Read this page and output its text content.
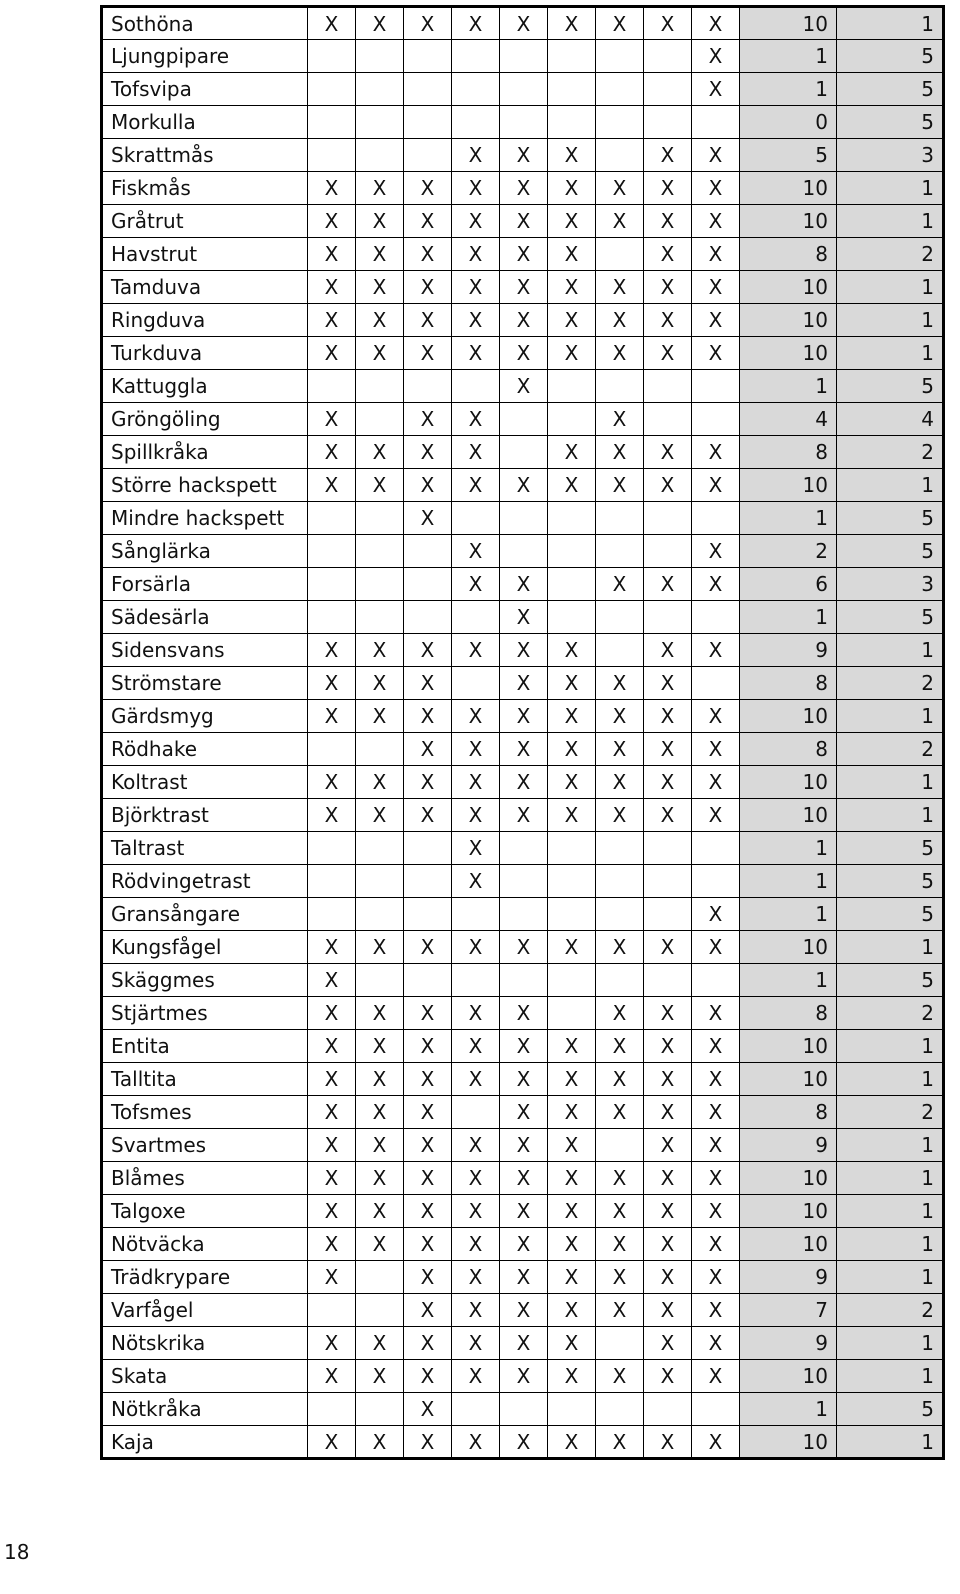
Sothöna	X	X	X	X	X	X	X	X	X	10	1
Ljungpipare									X	1	5
Tofsvipa									X	1	5
Morkulla										0	5
Skrattmås				X	X	X		X	X	5	3
Fiskmås	X	X	X	X	X	X	X	X	X	10	1
Gråtrut	X	X	X	X	X	X	X	X	X	10	1
Havstrut	X	X	X	X	X	X		X	X	8	2
Tamduva	X	X	X	X	X	X	X	X	X	10	1
Ringduva	X	X	X	X	X	X	X	X	X	10	1
Turkduva	X	X	X	X	X	X	X	X	X	10	1
Kattuggla					X					1	5
Gröngöling	X		X	X			X			4	4
Spillkråka	X	X	X	X		X	X	X	X	8	2
Större hackspett	X	X	X	X	X	X	X	X	X	10	1
Mindre hackspett			X							1	5
Sånglärka				X					X	2	5
Forsärla				X	X		X	X	X	6	3
Sädesärla					X					1	5
Sidensvans	X	X	X	X	X	X		X	X	9	1
Strömstare	X	X	X		X	X	X	X		8	2
Gärdsmyg	X	X	X	X	X	X	X	X	X	10	1
Rödhake			X	X	X	X	X	X	X	8	2
Koltrast	X	X	X	X	X	X	X	X	X	10	1
Björktrast	X	X	X	X	X	X	X	X	X	10	1
Taltrast				X						1	5
Rödvingetrast				X						1	5
Gransångare									X	1	5
Kungsfågel	X	X	X	X	X	X	X	X	X	10	1
Skäggmes	X									1	5
Stjärtmes	X	X	X	X	X		X	X	X	8	2
Entita	X	X	X	X	X	X	X	X	X	10	1
Talltita	X	X	X	X	X	X	X	X	X	10	1
Tofsmes	X	X	X		X	X	X	X	X	8	2
Svartmes	X	X	X	X	X	X		X	X	9	1
Blåmes	X	X	X	X	X	X	X	X	X	10	1
Talgoxe	X	X	X	X	X	X	X	X	X	10	1
Nötväcka	X	X	X	X	X	X	X	X	X	10	1
Trädkrypare	X		X	X	X	X	X	X	X	9	1
Varfågel			X	X	X	X	X	X	X	7	2
Nötskrika	X	X	X	X	X	X		X	X	9	1
Skata	X	X	X	X	X	X	X	X	X	10	1
Nötkråka			X							1	5
Kaja	X	X	X	X	X	X	X	X	X	10	1
18
